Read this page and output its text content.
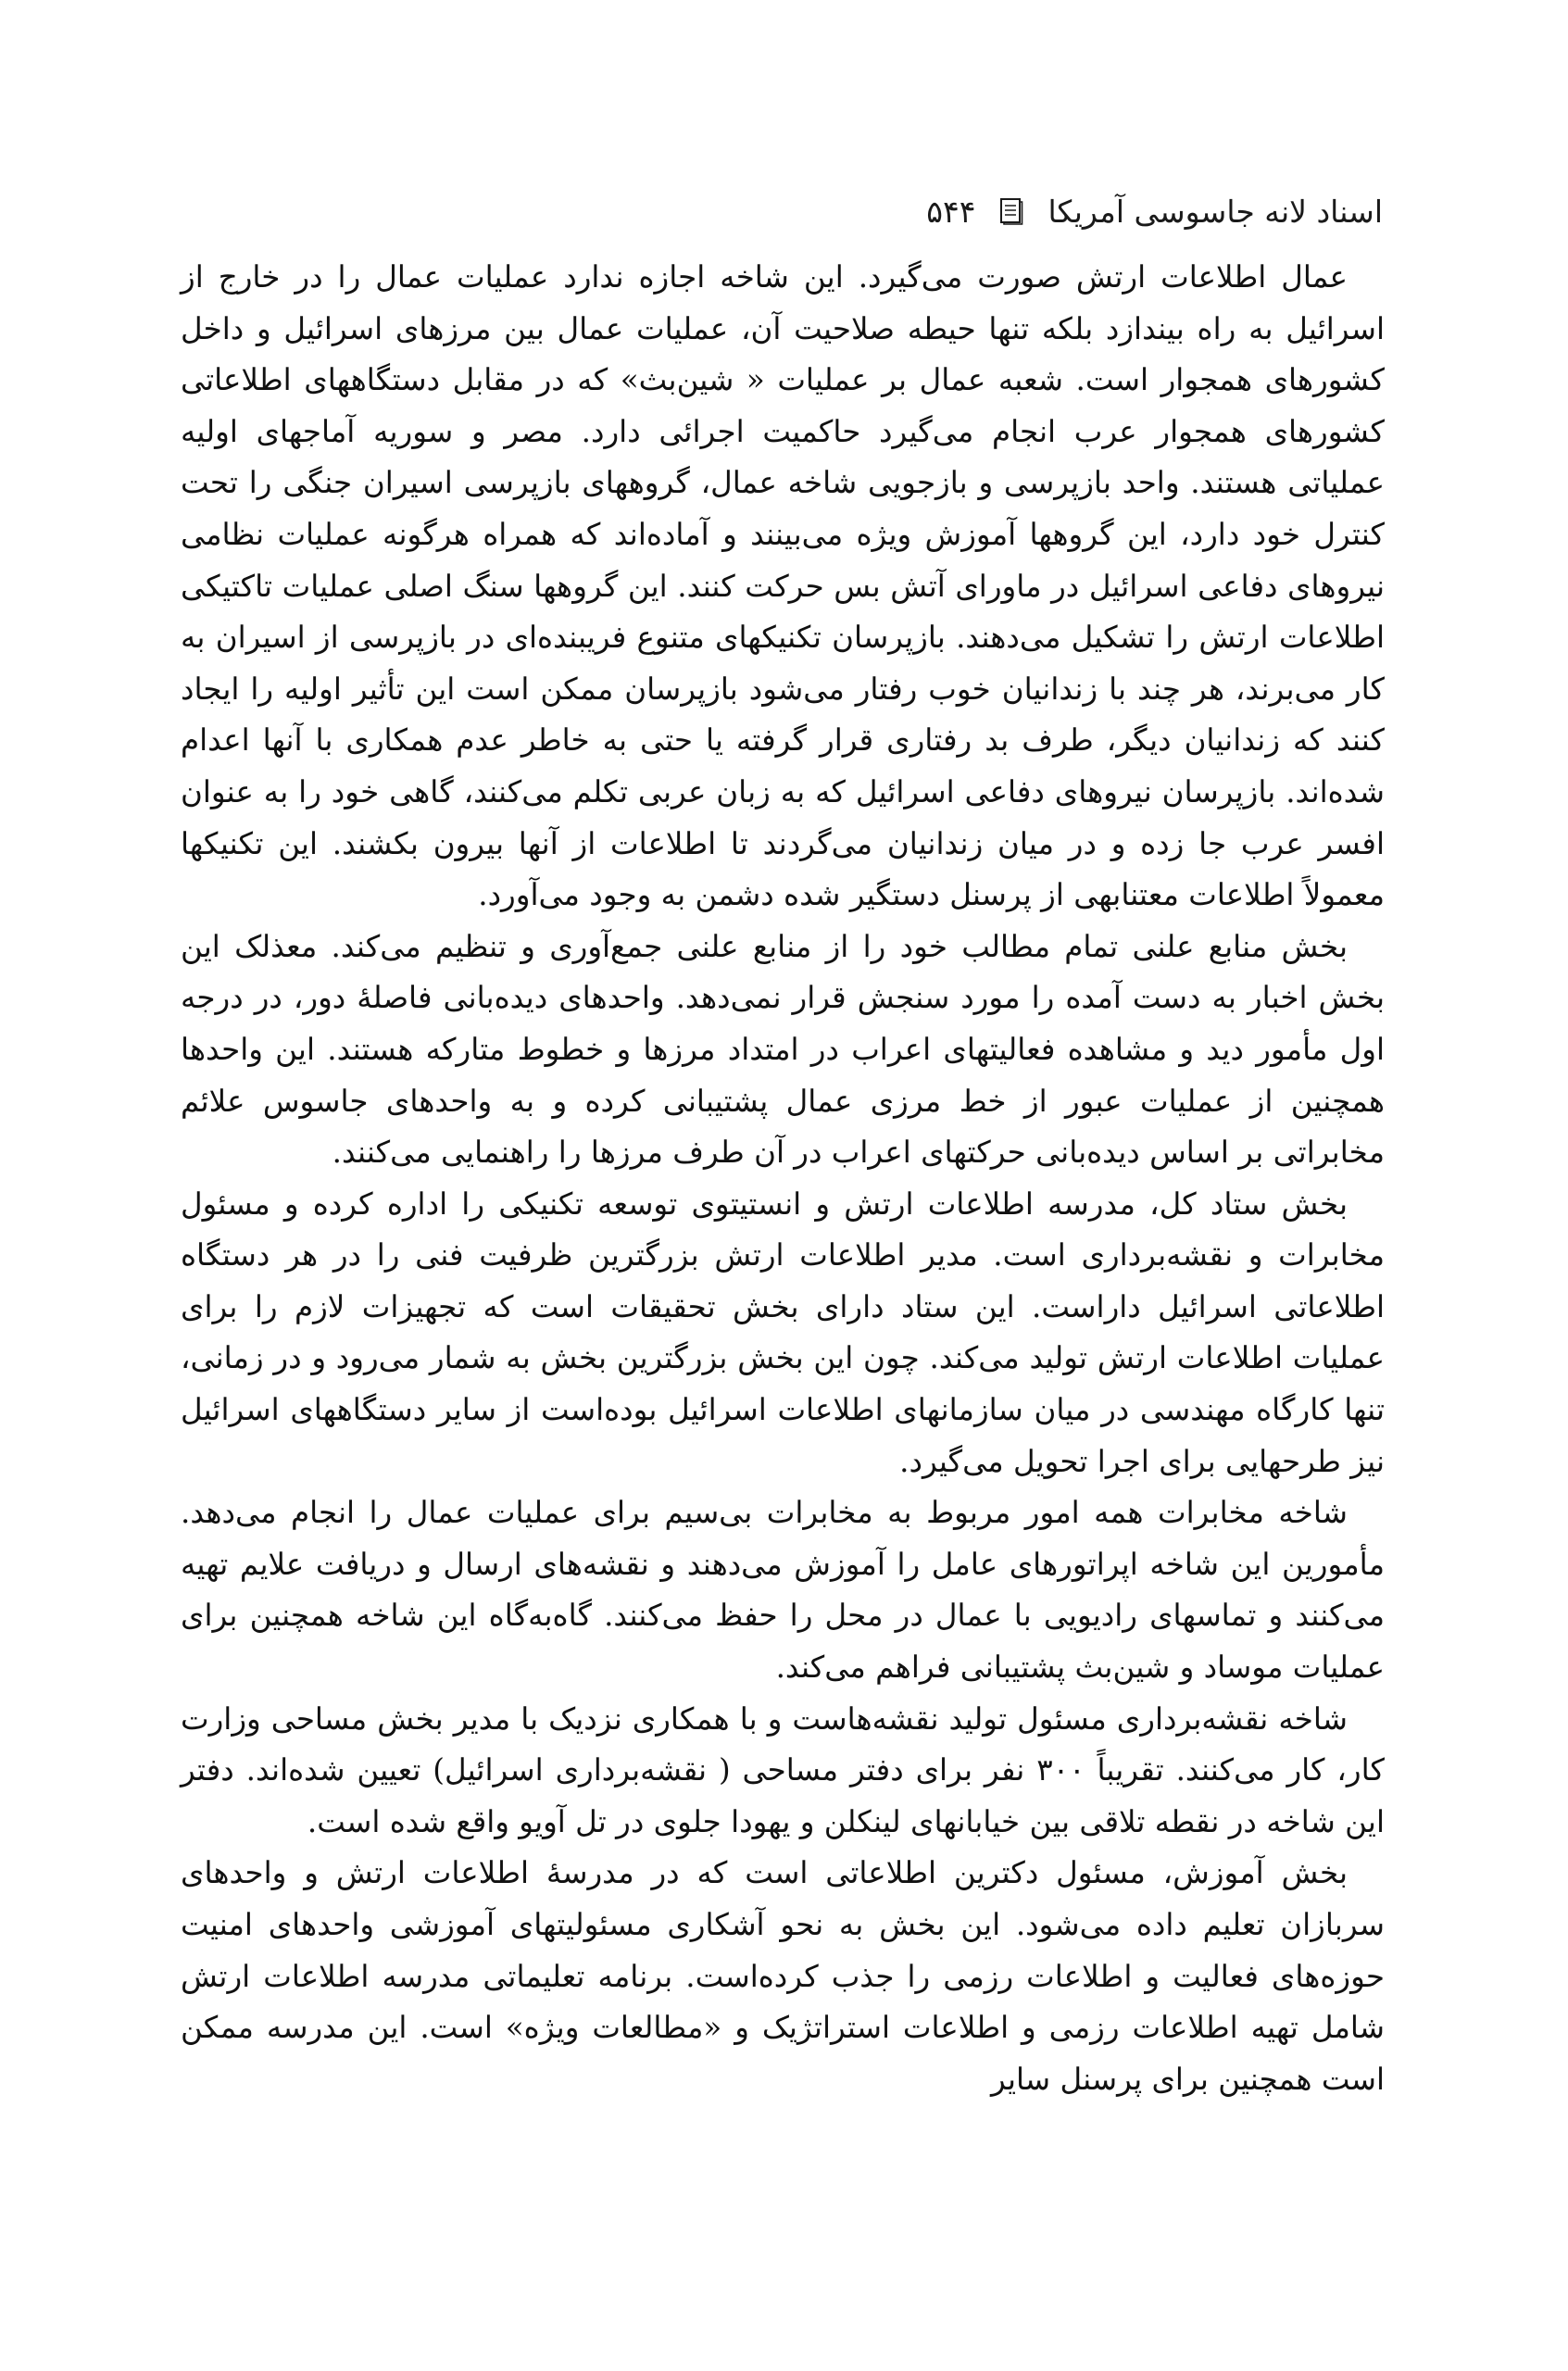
اسناد لانه جاسوسی آمریکا
۵۴۴

عمال اطلاعات ارتش صورت می‌گیرد. این شاخه اجازه ندارد عملیات عمال را در خارج از اسرائیل به راه بیندازد بلکه تنها حیطه صلاحیت آن، عملیات عمال بین مرزهای اسرائیل و داخل کشورهای همجوار است. شعبه عمال بر عملیات « شین‌بث» که در مقابل دستگاههای اطلاعاتی کشورهای همجوار عرب انجام می‌گیرد حاکمیت اجرائی دارد. مصر و سوریه آماجهای اولیه عملیاتی هستند. واحد بازپرسی و بازجویی شاخه عمال، گروههای بازپرسی اسیران جنگی را تحت کنترل خود دارد، این گروهها آموزش ویژه می‌بینند و آماده‌اند که همراه هرگونه عملیات نظامی نیروهای دفاعی اسرائیل در ماورای آتش بس حرکت کنند. این گروهها سنگ اصلی عملیات تاکتیکی اطلاعات ارتش را تشکیل می‌دهند. بازپرسان تکنیکهای متنوع فریبنده‌ای در بازپرسی از اسیران به کار می‌برند، هر چند با زندانیان خوب رفتار می‌شود بازپرسان ممکن است این تأثیر اولیه را ایجاد کنند که زندانیان دیگر، طرف بد رفتاری قرار گرفته یا حتی به خاطر عدم همکاری با آنها اعدام شده‌اند. بازپرسان نیروهای دفاعی اسرائیل که به زبان عربی تکلم می‌کنند، گاهی خود را به عنوان افسر عرب جا زده و در میان زندانیان می‌گردند تا اطلاعات از آنها بیرون بکشند. این تکنیکها معمولاً اطلاعات معتنابهی از پرسنل دستگیر شده دشمن به وجود می‌آورد.

بخش منابع علنی تمام مطالب خود را از منابع علنی جمع‌آوری و تنظیم می‌کند. معذلک این بخش اخبار به دست آمده را مورد سنجش قرار نمی‌دهد. واحدهای دیده‌بانی فاصلهٔ دور، در درجه اول مأمور دید و مشاهده فعالیتهای اعراب در امتداد مرزها و خطوط متارکه هستند. این واحدها همچنین از عملیات عبور از خط مرزی عمال پشتیبانی کرده و به واحدهای جاسوس علائم مخابراتی بر اساس دیده‌بانی حرکتهای اعراب در آن طرف مرزها را راهنمایی می‌کنند.

بخش ستاد کل، مدرسه اطلاعات ارتش و انستیتوی توسعه تکنیکی را اداره کرده و مسئول مخابرات و نقشه‌برداری است. مدیر اطلاعات ارتش بزرگترین ظرفیت فنی را در هر دستگاه اطلاعاتی اسرائیل داراست. این ستاد دارای بخش تحقیقات است که تجهیزات لازم را برای عملیات اطلاعات ارتش تولید می‌کند. چون این بخش بزرگترین بخش به شمار می‌رود و در زمانی، تنها کارگاه مهندسی در میان سازمانهای اطلاعات اسرائیل بوده‌است از سایر دستگاههای اسرائیل نیز طرحهایی برای اجرا تحویل می‌گیرد.

شاخه مخابرات همه امور مربوط به مخابرات بی‌سیم برای عملیات عمال را انجام می‌دهد. مأمورین این شاخه اپراتورهای عامل را آموزش می‌دهند و نقشه‌های ارسال و دریافت علایم تهیه می‌کنند و تماسهای رادیویی با عمال در محل را حفظ می‌کنند. گاه‌به‌گاه این شاخه همچنین برای عملیات موساد و شین‌بث پشتیبانی فراهم می‌کند.

شاخه نقشه‌برداری مسئول تولید نقشه‌هاست و با همکاری نزدیک با مدیر بخش مساحی وزارت کار، کار می‌کنند. تقریباً ۳۰۰ نفر برای دفتر مساحی ( نقشه‌برداری اسرائیل) تعیین شده‌اند. دفتر این شاخه در نقطه تلاقی بین خیابانهای لینکلن و یهودا جلوی در تل آویو واقع شده است.

بخش آموزش، مسئول دکترین اطلاعاتی است که در مدرسهٔ اطلاعات ارتش و واحدهای سربازان تعلیم داده می‌شود. این بخش به نحو آشکاری مسئولیتهای آموزشی واحدهای امنیت حوزه‌های فعالیت و اطلاعات رزمی را جذب کرده‌است. برنامه تعلیماتی مدرسه اطلاعات ارتش شامل تهیه اطلاعات رزمی و اطلاعات استراتژیک و «مطالعات ویژه» است. این مدرسه ممکن است همچنین برای پرسنل سایر
